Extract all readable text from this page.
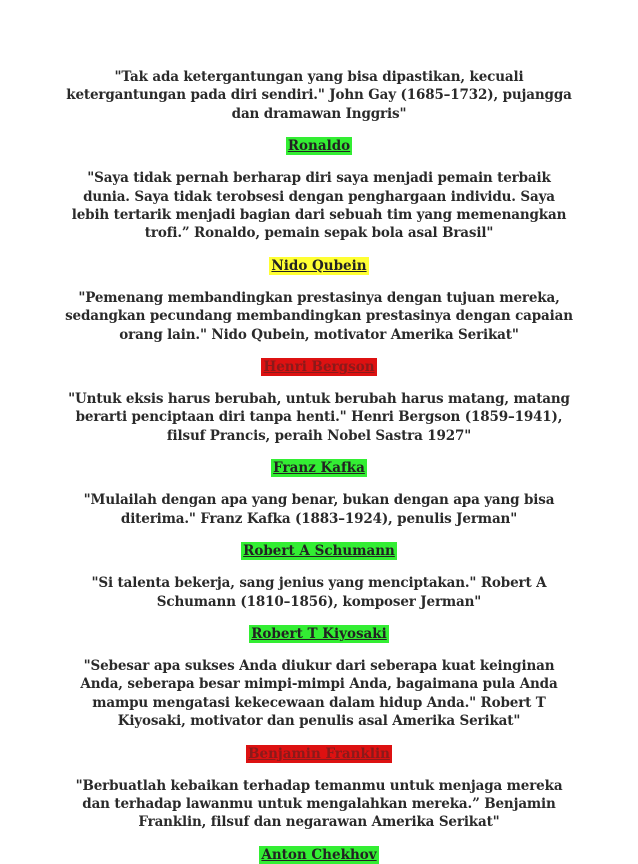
"Tak ada ketergantungan yang bisa dipastikan, kecuali ketergantungan pada diri sendiri." John Gay (1685–1732), pujangga dan dramawan Inggris"

Ronaldo

"Saya tidak pernah berharap diri saya menjadi pemain terbaik dunia. Saya tidak terobsesi dengan penghargaan individu. Saya lebih tertarik menjadi bagian dari sebuah tim yang memenangkan trofi.” Ronaldo, pemain sepak bola asal Brasil"

Nido Qubein

"Pemenang membandingkan prestasinya dengan tujuan mereka, sedangkan pecundang membandingkan prestasinya dengan capaian orang lain." Nido Qubein, motivator Amerika Serikat"

Henri Bergson

"Untuk eksis harus berubah, untuk berubah harus matang, matang berarti penciptaan diri tanpa henti." Henri Bergson (1859–1941), filsuf Prancis, peraih Nobel Sastra 1927"

Franz Kafka

"Mulailah dengan apa yang benar, bukan dengan apa yang bisa diterima." Franz Kafka (1883–1924), penulis Jerman"

Robert A Schumann

"Si talenta bekerja, sang jenius yang menciptakan." Robert A Schumann (1810–1856), komposer Jerman"

Robert T Kiyosaki

"Sebesar apa sukses Anda diukur dari seberapa kuat keinginan Anda, seberapa besar mimpi-mimpi Anda, bagaimana pula Anda mampu mengatasi kekecewaan dalam hidup Anda." Robert T Kiyosaki, motivator dan penulis asal Amerika Serikat"

Benjamin Franklin

"Berbuatlah kebaikan terhadap temanmu untuk menjaga mereka dan terhadap lawanmu untuk mengalahkan mereka.” Benjamin Franklin, filsuf dan negarawan Amerika Serikat"

Anton Chekhov
